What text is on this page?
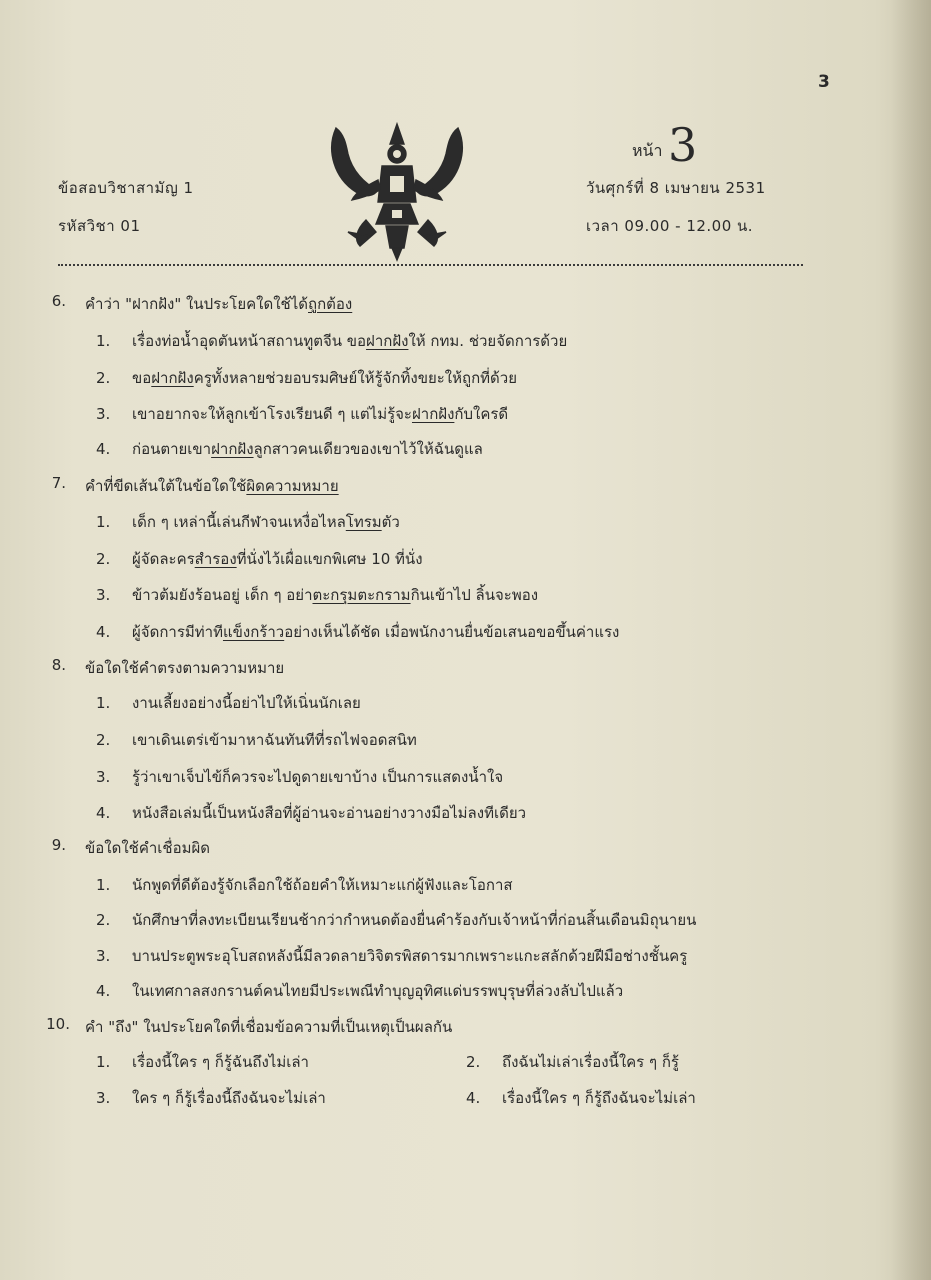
3
หน้า 3
ข้อสอบวิชาสามัญ 1
รหัสวิชา 01
วันศุกร์ที่ 8 เมษายน 2531
เวลา 09.00 - 12.00 น.
6. คำว่า "ฝากฝัง" ในประโยคใดใช้ได้ถูกต้อง
1. เรื่องท่อน้ำอุดตันหน้าสถานทูตจีน ขอฝากฝังให้ กทม. ช่วยจัดการด้วย
2. ขอฝากฝังครูทั้งหลายช่วยอบรมศิษย์ให้รู้จักทิ้งขยะให้ถูกที่ด้วย
3. เขาอยากจะให้ลูกเข้าโรงเรียนดี ๆ แต่ไม่รู้จะฝากฝังกับใครดี
4. ก่อนตายเขาฝากฝังลูกสาวคนเดียวของเขาไว้ให้ฉันดูแล
7. คำที่ขีดเส้นใต้ในข้อใดใช้ผิดความหมาย
1. เด็ก ๆ เหล่านี้เล่นกีฬาจนเหงื่อไหลโทรมตัว
2. ผู้จัดละครสำรองที่นั่งไว้เผื่อแขกพิเศษ 10 ที่นั่ง
3. ข้าวต้มยังร้อนอยู่ เด็ก ๆ อย่าตะกรุมตะกรามกินเข้าไป ลิ้นจะพอง
4. ผู้จัดการมีท่าทีแข็งกร้าวอย่างเห็นได้ชัด เมื่อพนักงานยื่นข้อเสนอขอขึ้นค่าแรง
8. ข้อใดใช้คำตรงตามความหมาย
1. งานเลี้ยงอย่างนี้อย่าไปให้เนิ่นนักเลย
2. เขาเดินเตร่เข้ามาหาฉันทันทีที่รถไฟจอดสนิท
3. รู้ว่าเขาเจ็บไข้ก็ควรจะไปดูดายเขาบ้าง เป็นการแสดงน้ำใจ
4. หนังสือเล่มนี้เป็นหนังสือที่ผู้อ่านจะอ่านอย่างวางมือไม่ลงทีเดียว
9. ข้อใดใช้คำเชื่อมผิด
1. นักพูดที่ดีต้องรู้จักเลือกใช้ถ้อยคำให้เหมาะแก่ผู้ฟังและโอกาส
2. นักศึกษาที่ลงทะเบียนเรียนช้ากว่ากำหนดต้องยื่นคำร้องกับเจ้าหน้าที่ก่อนสิ้นเดือนมิถุนายน
3. บานประตูพระอุโบสถหลังนี้มีลวดลายวิจิตรพิสดารมากเพราะแกะสลักด้วยฝีมือช่างชั้นครู
4. ในเทศกาลสงกรานต์คนไทยมีประเพณีทำบุญอุทิศแด่บรรพบุรุษที่ล่วงลับไปแล้ว
10. คำ "ถึง" ในประโยคใดที่เชื่อมข้อความที่เป็นเหตุเป็นผลกัน
1. เรื่องนี้ใคร ๆ ก็รู้ฉันถึงไม่เล่า	2. ถึงฉันไม่เล่าเรื่องนี้ใคร ๆ ก็รู้
3. ใคร ๆ ก็รู้เรื่องนี้ถึงฉันจะไม่เล่า	4. เรื่องนี้ใคร ๆ ก็รู้ถึงฉันจะไม่เล่า
